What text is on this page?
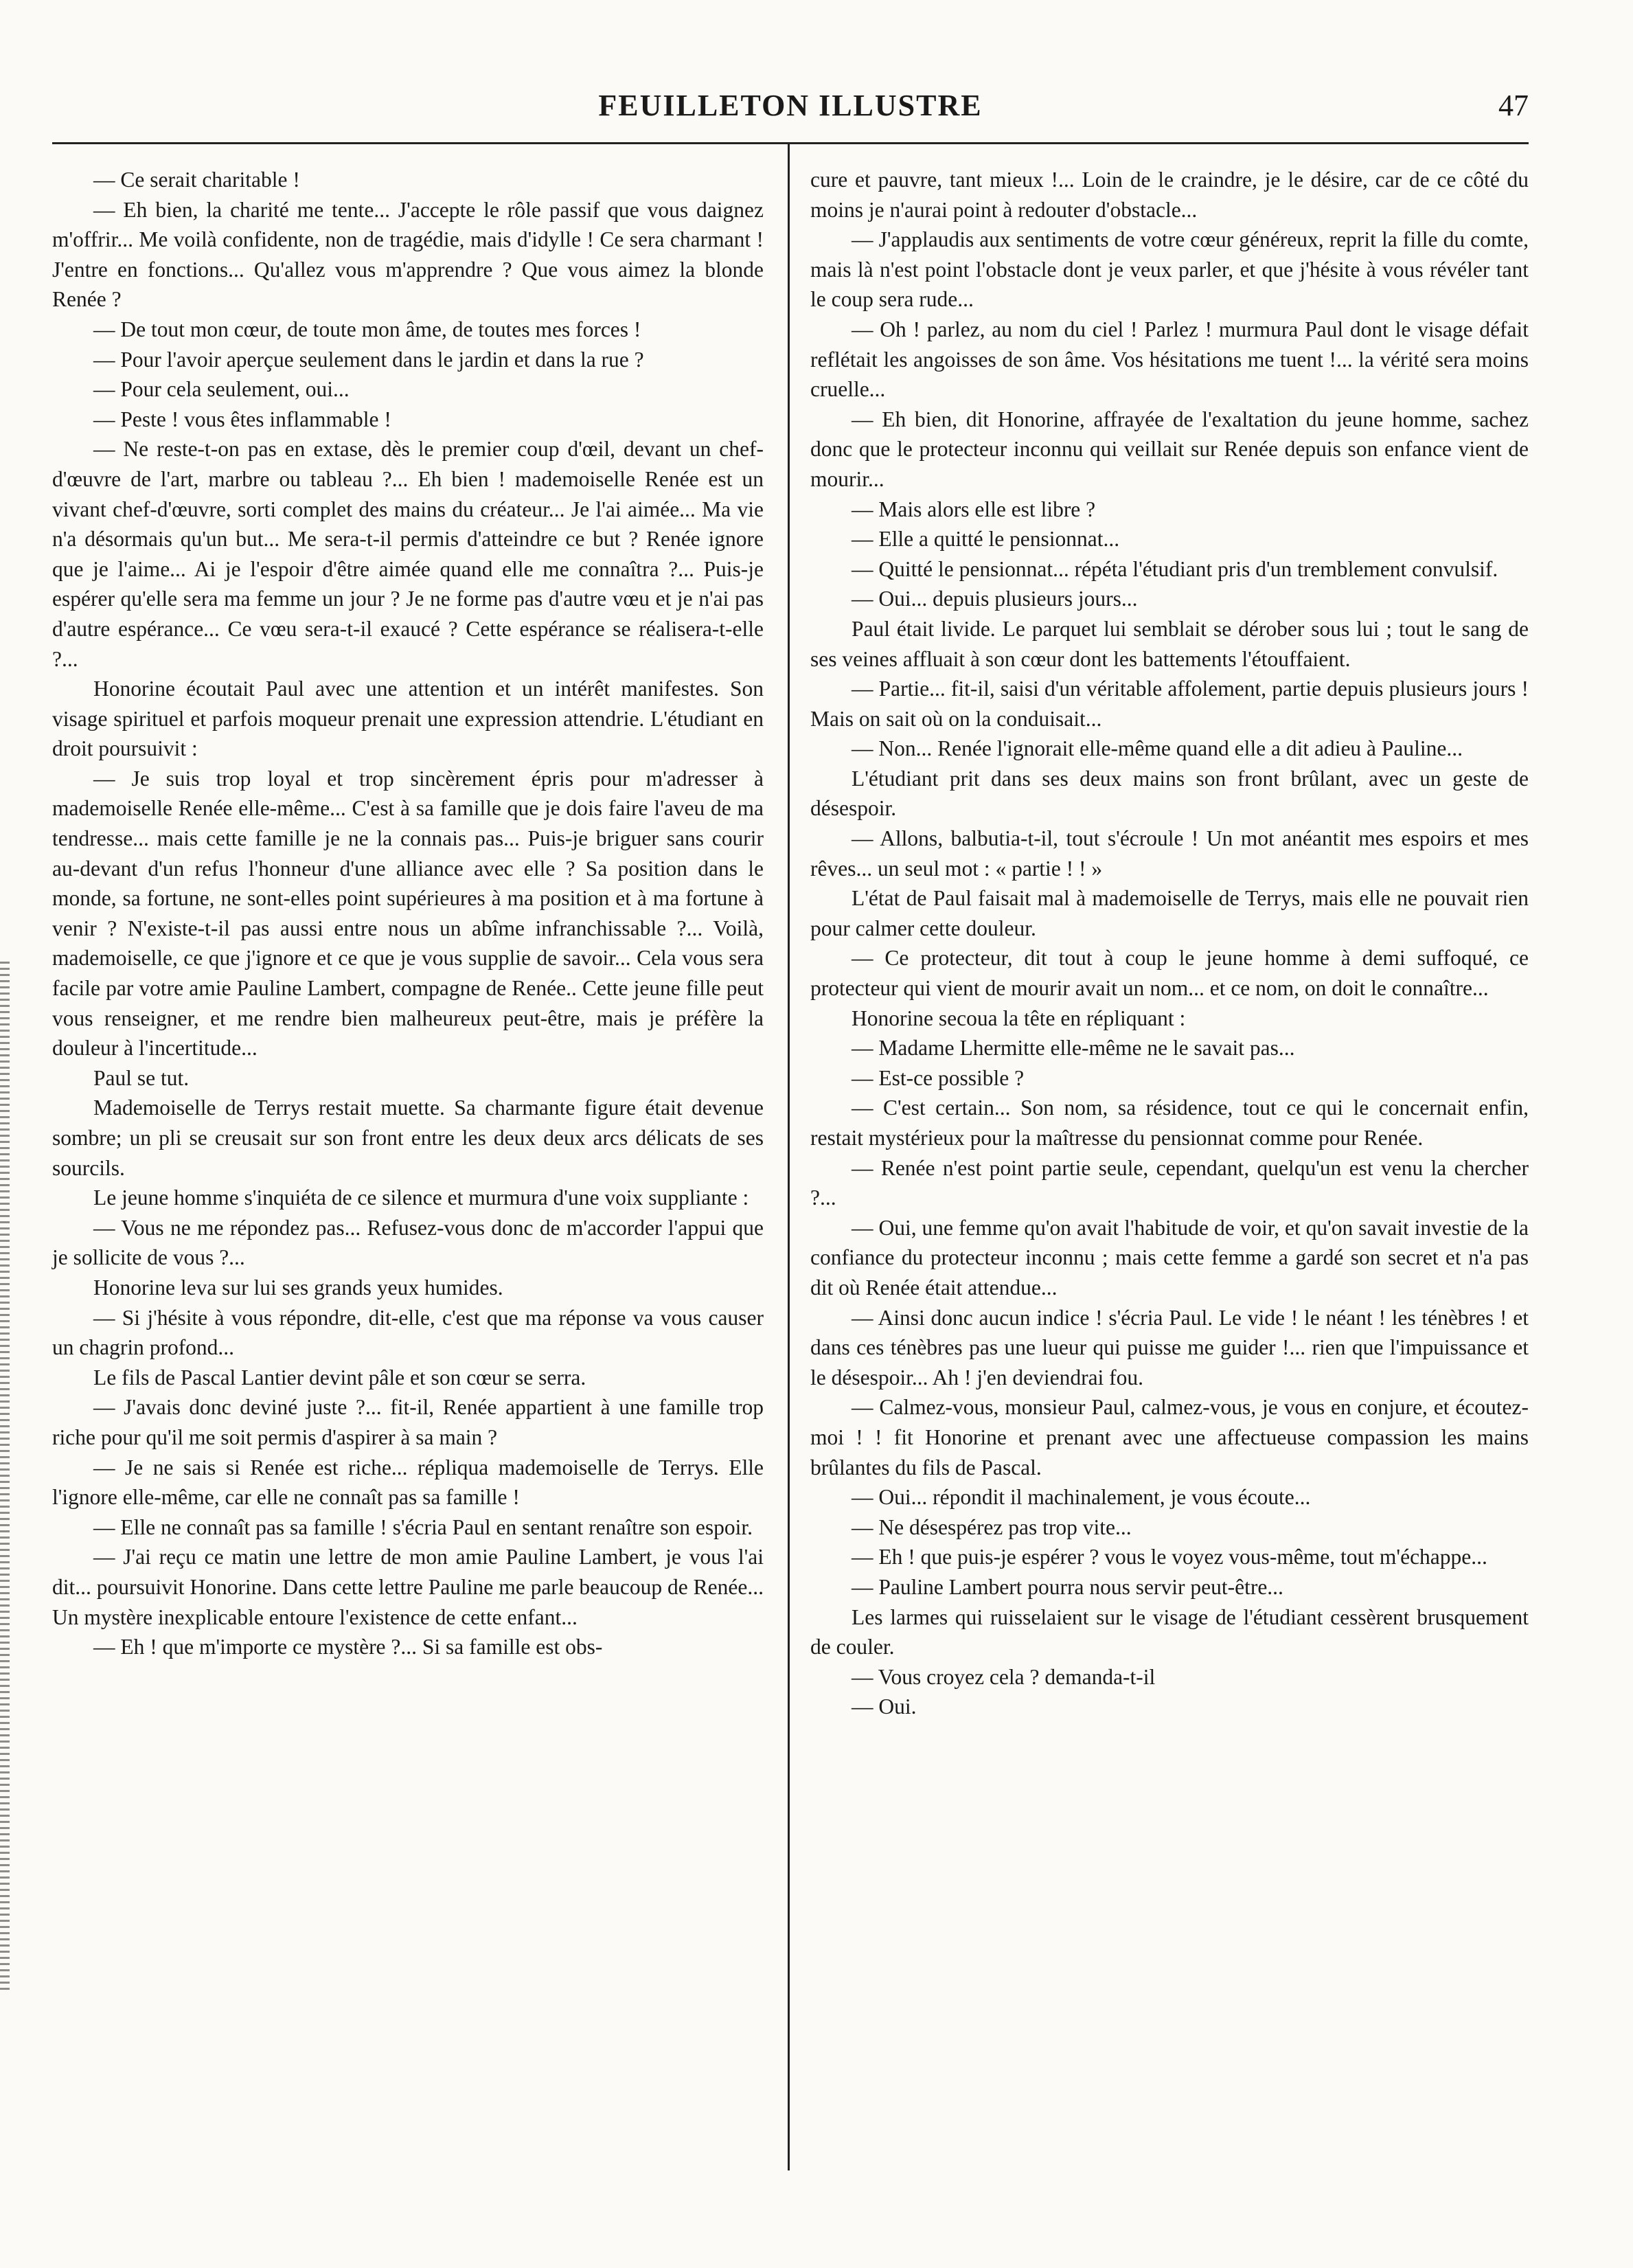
FEUILLETON ILLUSTRE	47

— Ce serait charitable !

— Eh bien, la charité me tente... J'accepte le rôle passif que vous daignez m'offrir... Me voilà confidente, non de tragédie, mais d'idylle ! Ce sera charmant ! J'entre en fonctions... Qu'allez vous m'apprendre ? Que vous aimez la blonde Renée ?

— De tout mon cœur, de toute mon âme, de toutes mes forces !

— Pour l'avoir aperçue seulement dans le jardin et dans la rue ?

— Pour cela seulement, oui...

— Peste ! vous êtes inflammable !

— Ne reste-t-on pas en extase, dès le premier coup d'œil, devant un chef-d'œuvre de l'art, marbre ou tableau ?... Eh bien ! mademoiselle Renée est un vivant chef-d'œuvre, sorti complet des mains du créateur... Je l'ai aimée... Ma vie n'a désormais qu'un but... Me sera-t-il permis d'atteindre ce but ? Renée ignore que je l'aime... Ai je l'espoir d'être aimée quand elle me connaîtra ?... Puis-je espérer qu'elle sera ma femme un jour ? Je ne forme pas d'autre vœu et je n'ai pas d'autre espérance... Ce vœu sera-t-il exaucé ? Cette espérance se réalisera-t-elle ?...

Honorine écoutait Paul avec une attention et un intérêt manifestes. Son visage spirituel et parfois moqueur prenait une expression attendrie. L'étudiant en droit poursuivit :

— Je suis trop loyal et trop sincèrement épris pour m'adresser à mademoiselle Renée elle-même... C'est à sa famille que je dois faire l'aveu de ma tendresse... mais cette famille je ne la connais pas... Puis-je briguer sans courir au-devant d'un refus l'honneur d'une alliance avec elle ? Sa position dans le monde, sa fortune, ne sont-elles point supérieures à ma position et à ma fortune à venir ? N'existe-t-il pas aussi entre nous un abîme infranchissable ?... Voilà, mademoiselle, ce que j'ignore et ce que je vous supplie de savoir... Cela vous sera facile par votre amie Pauline Lambert, compagne de Renée.. Cette jeune fille peut vous renseigner, et me rendre bien malheureux peut-être, mais je préfère la douleur à l'incertitude...

Paul se tut.

Mademoiselle de Terrys restait muette. Sa charmante figure était devenue sombre; un pli se creusait sur son front entre les deux deux arcs délicats de ses sourcils.

Le jeune homme s'inquiéta de ce silence et murmura d'une voix suppliante :

— Vous ne me répondez pas... Refusez-vous donc de m'accorder l'appui que je sollicite de vous ?...

Honorine leva sur lui ses grands yeux humides.

— Si j'hésite à vous répondre, dit-elle, c'est que ma réponse va vous causer un chagrin profond...

Le fils de Pascal Lantier devint pâle et son cœur se serra.

— J'avais donc deviné juste ?... fit-il, Renée appartient à une famille trop riche pour qu'il me soit permis d'aspirer à sa main ?

— Je ne sais si Renée est riche... répliqua mademoiselle de Terrys. Elle l'ignore elle-même, car elle ne connaît pas sa famille !

— Elle ne connaît pas sa famille ! s'écria Paul en sentant renaître son espoir.

— J'ai reçu ce matin une lettre de mon amie Pauline Lambert, je vous l'ai dit... poursuivit Honorine. Dans cette lettre Pauline me parle beaucoup de Renée... Un mystère inexplicable entoure l'existence de cette enfant...

— Eh ! que m'importe ce mystère ?... Si sa famille est obs-

cure et pauvre, tant mieux !... Loin de le craindre, je le désire, car de ce côté du moins je n'aurai point à redouter d'obstacle...

— J'applaudis aux sentiments de votre cœur généreux, reprit la fille du comte, mais là n'est point l'obstacle dont je veux parler, et que j'hésite à vous révéler tant le coup sera rude...

— Oh ! parlez, au nom du ciel ! Parlez ! murmura Paul dont le visage défait reflétait les angoisses de son âme. Vos hésitations me tuent !... la vérité sera moins cruelle...

— Eh bien, dit Honorine, affrayée de l'exaltation du jeune homme, sachez donc que le protecteur inconnu qui veillait sur Renée depuis son enfance vient de mourir...

— Mais alors elle est libre ?

— Elle a quitté le pensionnat...

— Quitté le pensionnat... répéta l'étudiant pris d'un tremblement convulsif.

— Oui... depuis plusieurs jours...

Paul était livide. Le parquet lui semblait se dérober sous lui ; tout le sang de ses veines affluait à son cœur dont les battements l'étouffaient.

— Partie... fit-il, saisi d'un véritable affolement, partie depuis plusieurs jours ! Mais on sait où on la conduisait...

— Non... Renée l'ignorait elle-même quand elle a dit adieu à Pauline...

L'étudiant prit dans ses deux mains son front brûlant, avec un geste de désespoir.

— Allons, balbutia-t-il, tout s'écroule ! Un mot anéantit mes espoirs et mes rêves... un seul mot : « partie ! ! »

L'état de Paul faisait mal à mademoiselle de Terrys, mais elle ne pouvait rien pour calmer cette douleur.

— Ce protecteur, dit tout à coup le jeune homme à demi suffoqué, ce protecteur qui vient de mourir avait un nom... et ce nom, on doit le connaître...

Honorine secoua la tête en répliquant :

— Madame Lhermitte elle-même ne le savait pas...

— Est-ce possible ?

— C'est certain... Son nom, sa résidence, tout ce qui le concernait enfin, restait mystérieux pour la maîtresse du pensionnat comme pour Renée.

— Renée n'est point partie seule, cependant, quelqu'un est venu la chercher ?...

— Oui, une femme qu'on avait l'habitude de voir, et qu'on savait investie de la confiance du protecteur inconnu ; mais cette femme a gardé son secret et n'a pas dit où Renée était attendue...

— Ainsi donc aucun indice ! s'écria Paul. Le vide ! le néant ! les ténèbres ! et dans ces ténèbres pas une lueur qui puisse me guider !... rien que l'impuissance et le désespoir... Ah ! j'en deviendrai fou.

— Calmez-vous, monsieur Paul, calmez-vous, je vous en conjure, et écoutez-moi ! ! fit Honorine et prenant avec une affectueuse compassion les mains brûlantes du fils de Pascal.

— Oui... répondit il machinalement, je vous écoute...

— Ne désespérez pas trop vite...

— Eh ! que puis-je espérer ? vous le voyez vous-même, tout m'échappe...

— Pauline Lambert pourra nous servir peut-être...

Les larmes qui ruisselaient sur le visage de l'étudiant cessèrent brusquement de couler.

— Vous croyez cela ? demanda-t-il

— Oui.
